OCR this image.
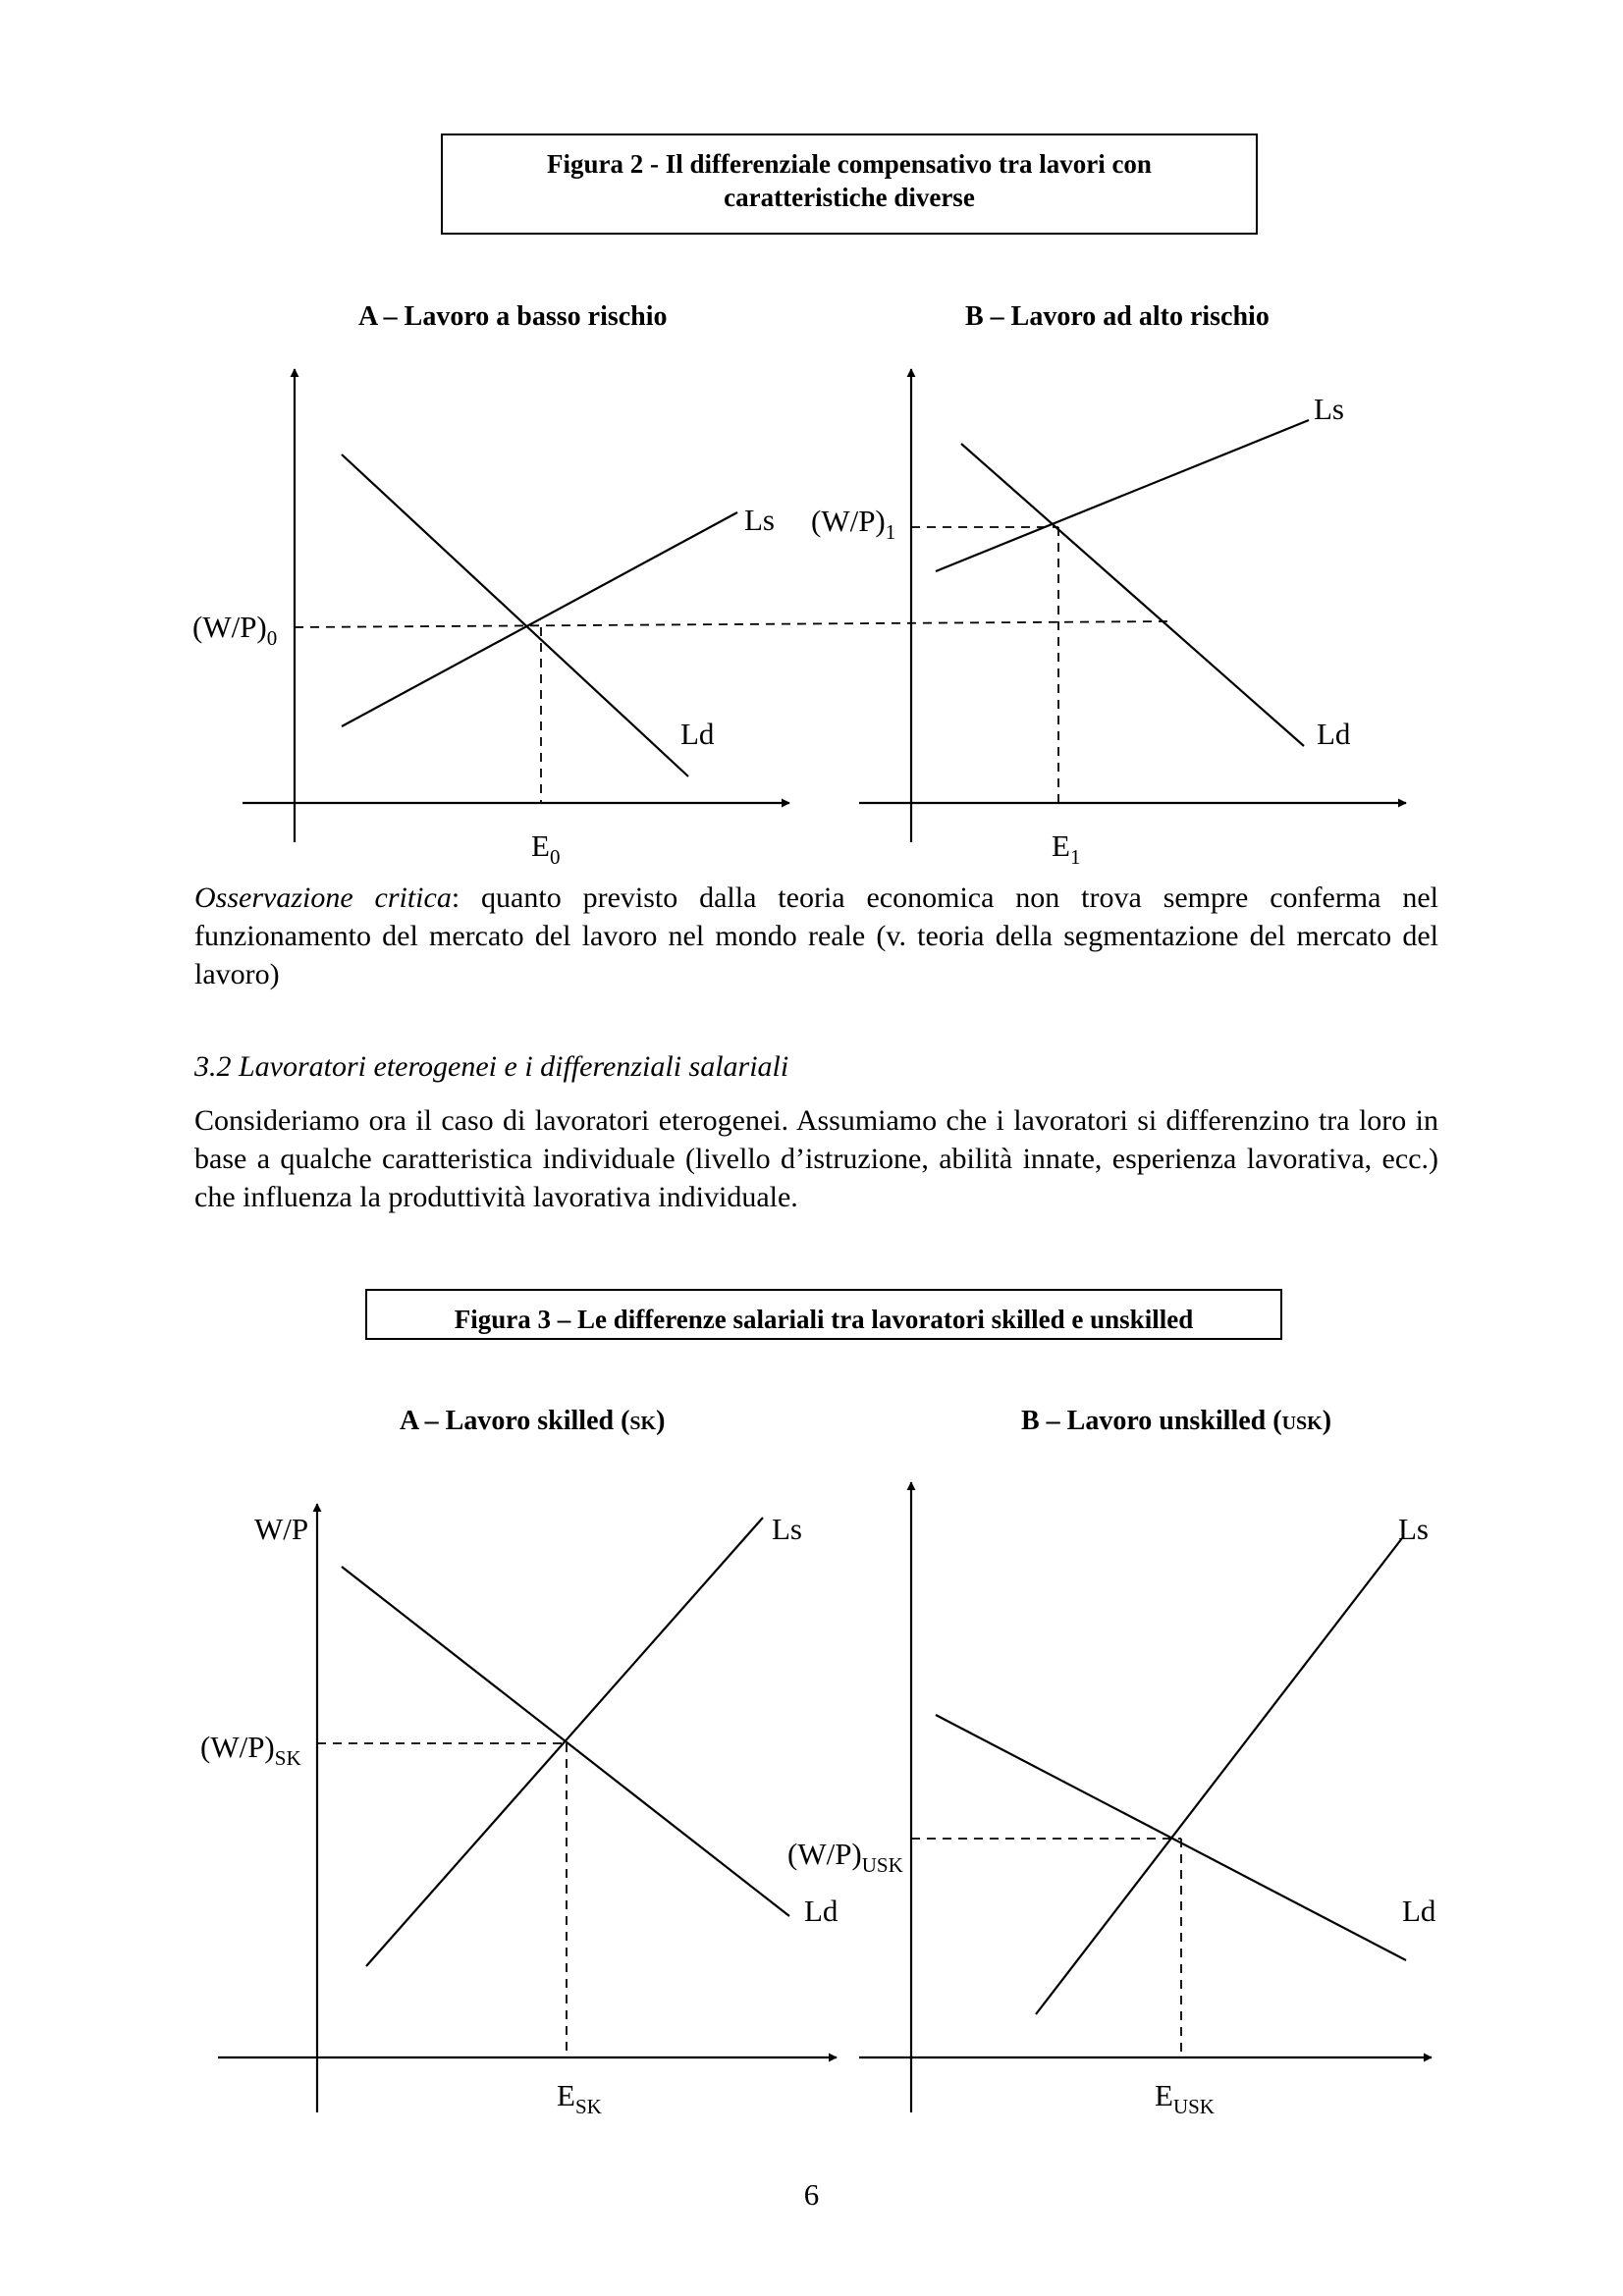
Figura 2 - Il differenziale compensativo tra lavori con
caratteristiche diverse
A – Lavoro a basso rischio	B – Lavoro ad alto rischio
Figura 3 – Le differenze salariali tra lavoratori skilled e unskilled
A – Lavoro skilled (sk)	B – Lavoro unskilled (usk)
Osservazione critica: quanto previsto dalla teoria economica non trova sempre conferma nel funzionamento del mercato del lavoro nel mondo reale (v. teoria della segmentazione del mercato del lavoro)
3.2 Lavoratori eterogenei e i differenziali salariali
Consideriamo ora il caso di lavoratori eterogenei. Assumiamo che i lavoratori si differenzino tra loro in base a qualche caratteristica individuale (livello d’istruzione, abilità innate, esperienza lavorativa, ecc.) che influenza la produttività lavorativa individuale.
6
Ls
Ld
$(W/P)_0$
$E_0$
Ls
Ld
$(W/P)_1$
$E_1$
W/P	Ls
Ld
$(W/P)_{SK}$
$E_{SK}$
Ls
Ld
$(W/P)_{USK}$
$E_{USK}$
